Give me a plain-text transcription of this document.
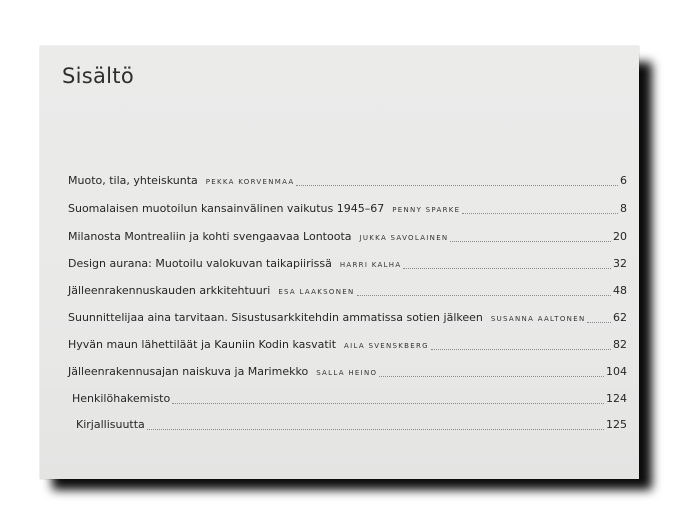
Sisältö
Muoto, tila, yhteiskunta PEKKA KORVENMAA	6
Suomalaisen muotoilun kansainvälinen vaikutus 1945–67 PENNY SPARKE	8
Milanosta Montrealiin ja kohti svengaavaa Lontoota JUKKA SAVOLAINEN	20
Design aurana: Muotoilu valokuvan taikapiirissä HARRI KALHA	32
Jälleenrakennuskauden arkkitehtuuri ESA LAAKSONEN	48
Suunnittelijaa aina tarvitaan. Sisustusarkkitehdin ammatissa sotien jälkeen SUSANNA AALTONEN	62
Hyvän maun lähettiläät ja Kauniin Kodin kasvatit AILA SVENSKBERG	82
Jälleenrakennusajan naiskuva ja Marimekko SALLA HEINO	104
Henkilöhakemisto	124
Kirjallisuutta	125
